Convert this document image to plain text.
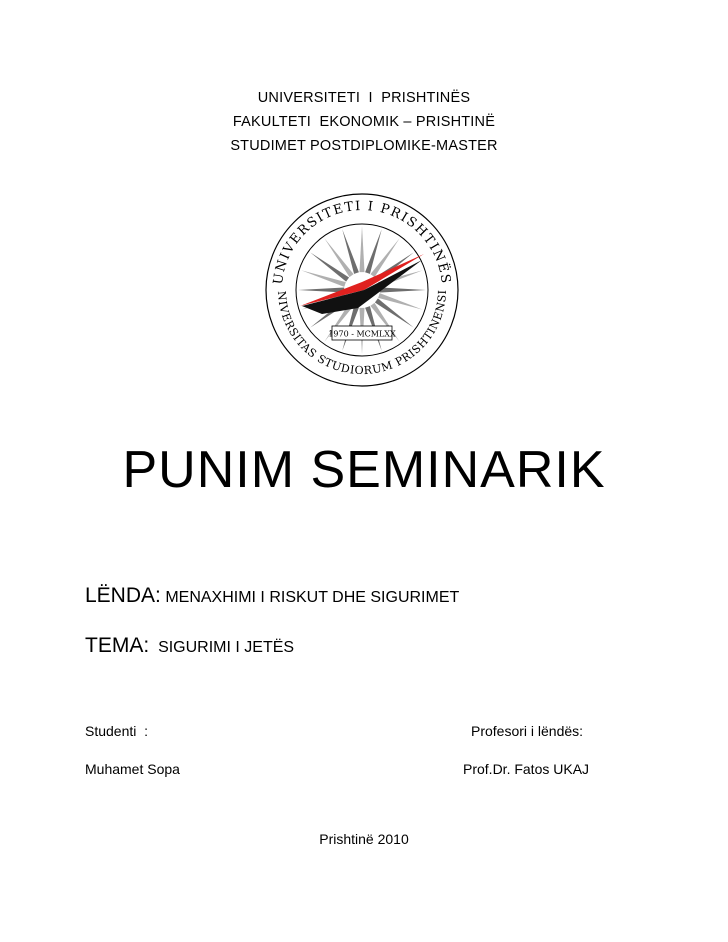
UNIVERSITETI  I  PRISHTINËS
FAKULTETI  EKONOMIK – PRISHTINË
STUDIMET POSTDIPLOMIKE-MASTER
UNIVERSITETI I PRISHTINËS
NIVERSITAS STUDIORUM PRISHTINENSI
1970 - MCMLXX
PUNIM SEMINARIK
LËNDA: MENAXHIMI I RISKUT DHE SIGURIMET
TEMA: SIGURIMI I JETËS
Studenti  :
Muhamet Sopa
Profesori i lëndës:
Prof.Dr. Fatos UKAJ
Prishtinë 2010
